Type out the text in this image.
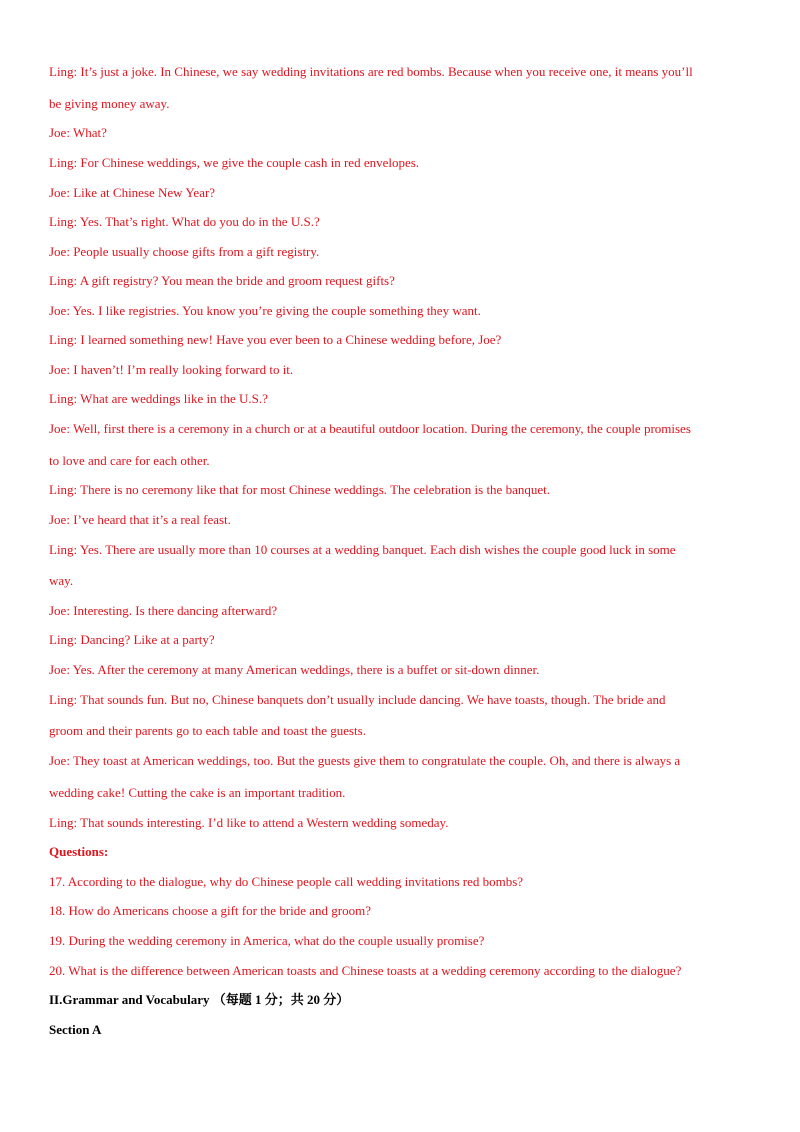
Ling: It’s just a joke. In Chinese, we say wedding invitations are red bombs. Because when you receive one, it means you’ll
be giving money away.
Joe: What?
Ling: For Chinese weddings, we give the couple cash in red envelopes.
Joe: Like at Chinese New Year?
Ling: Yes. That’s right. What do you do in the U.S.?
Joe: People usually choose gifts from a gift registry.
Ling: A gift registry? You mean the bride and groom request gifts?
Joe: Yes. I like registries. You know you’re giving the couple something they want.
Ling: I learned something new! Have you ever been to a Chinese wedding before, Joe?
Joe: I haven’t! I’m really looking forward to it.
Ling: What are weddings like in the U.S.?
Joe: Well, first there is a ceremony in a church or at a beautiful outdoor location. During the ceremony, the couple promises
to love and care for each other.
Ling: There is no ceremony like that for most Chinese weddings. The celebration is the banquet.
Joe: I’ve heard that it’s a real feast.
Ling: Yes. There are usually more than 10 courses at a wedding banquet. Each dish wishes the couple good luck in some
way.
Joe: Interesting. Is there dancing afterward?
Ling: Dancing? Like at a party?
Joe: Yes. After the ceremony at many American weddings, there is a buffet or sit-down dinner.
Ling: That sounds fun. But no, Chinese banquets don’t usually include dancing. We have toasts, though. The bride and
groom and their parents go to each table and toast the guests.
Joe: They toast at American weddings, too. But the guests give them to congratulate the couple. Oh, and there is always a
wedding cake! Cutting the cake is an important tradition.
Ling: That sounds interesting. I’d like to attend a Western wedding someday.
Questions:
17. According to the dialogue, why do Chinese people call wedding invitations red bombs?
18. How do Americans choose a gift for the bride and groom?
19. During the wedding ceremony in America, what do the couple usually promise?
20. What is the difference between American toasts and Chinese toasts at a wedding ceremony according to the dialogue?
II.Grammar and Vocabulary （每题 1 分；共 20 分）
Section A
